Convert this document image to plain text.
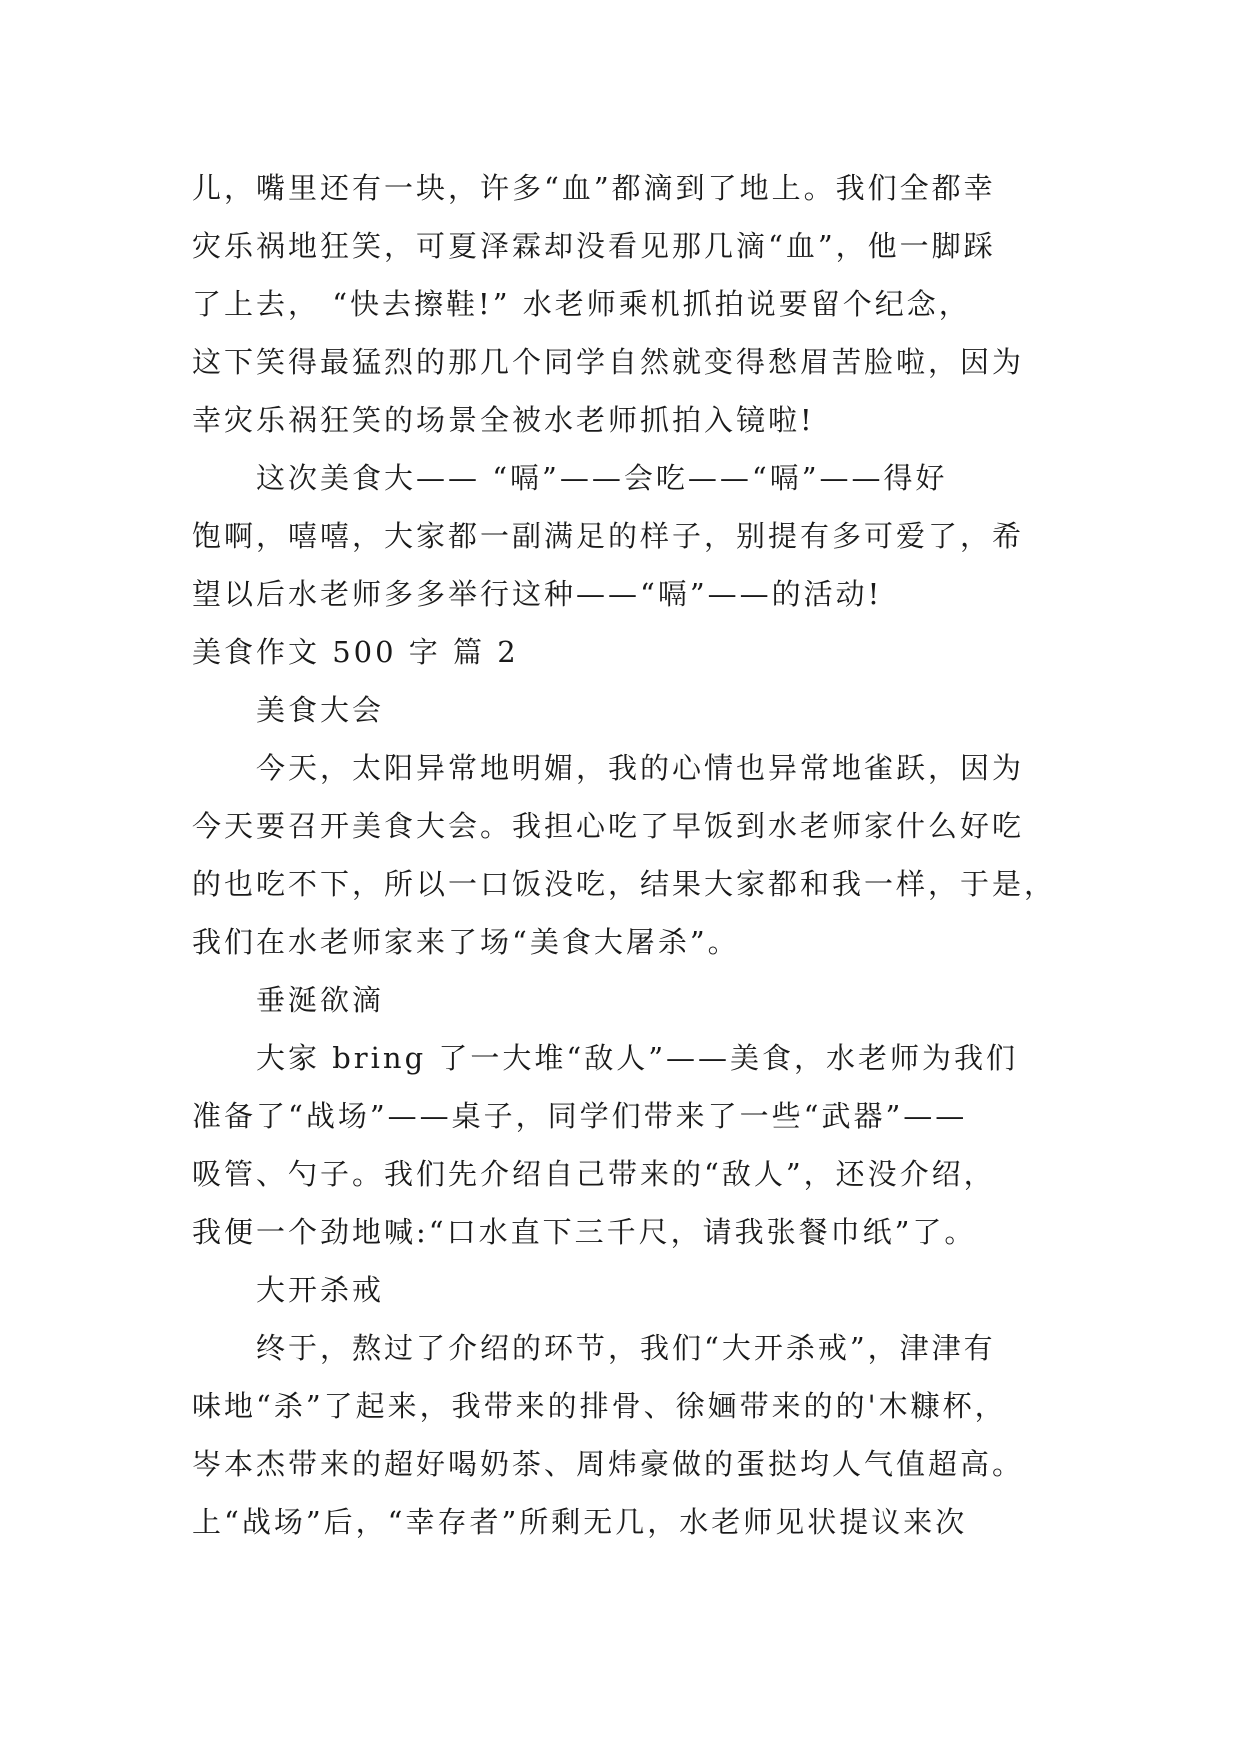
儿，嘴里还有一块，许多“血”都滴到了地上。我们全都幸
灾乐祸地狂笑，可夏泽霖却没看见那几滴“血”，他一脚踩
了上去， “快去擦鞋!” 水老师乘机抓拍说要留个纪念，
这下笑得最猛烈的那几个同学自然就变得愁眉苦脸啦，因为
幸灾乐祸狂笑的场景全被水老师抓拍入镜啦!
这次美食大—— “嗝”——会吃——“嗝”——得好
饱啊，嘻嘻，大家都一副满足的样子，别提有多可爱了，希
望以后水老师多多举行这种——“嗝”——的活动!
美食作文 500 字 篇 2
美食大会
今天，太阳异常地明媚，我的心情也异常地雀跃，因为
今天要召开美食大会。我担心吃了早饭到水老师家什么好吃
的也吃不下，所以一口饭没吃，结果大家都和我一样，于是，
我们在水老师家来了场“美食大屠杀”。
垂涎欲滴
大家 bring 了一大堆“敌人”——美食，水老师为我们
准备了“战场”——桌子，同学们带来了一些“武器”——
吸管、勺子。我们先介绍自己带来的“敌人”，还没介绍，
我便一个劲地喊:“口水直下三千尺，请我张餐巾纸”了。
大开杀戒
终于，熬过了介绍的环节，我们“大开杀戒”，津津有
味地“杀”了起来，我带来的排骨、徐婳带来的的'木糠杯，
岑本杰带来的超好喝奶茶、周炜豪做的蛋挞均人气值超高。
上“战场”后，“幸存者”所剩无几，水老师见状提议来次
